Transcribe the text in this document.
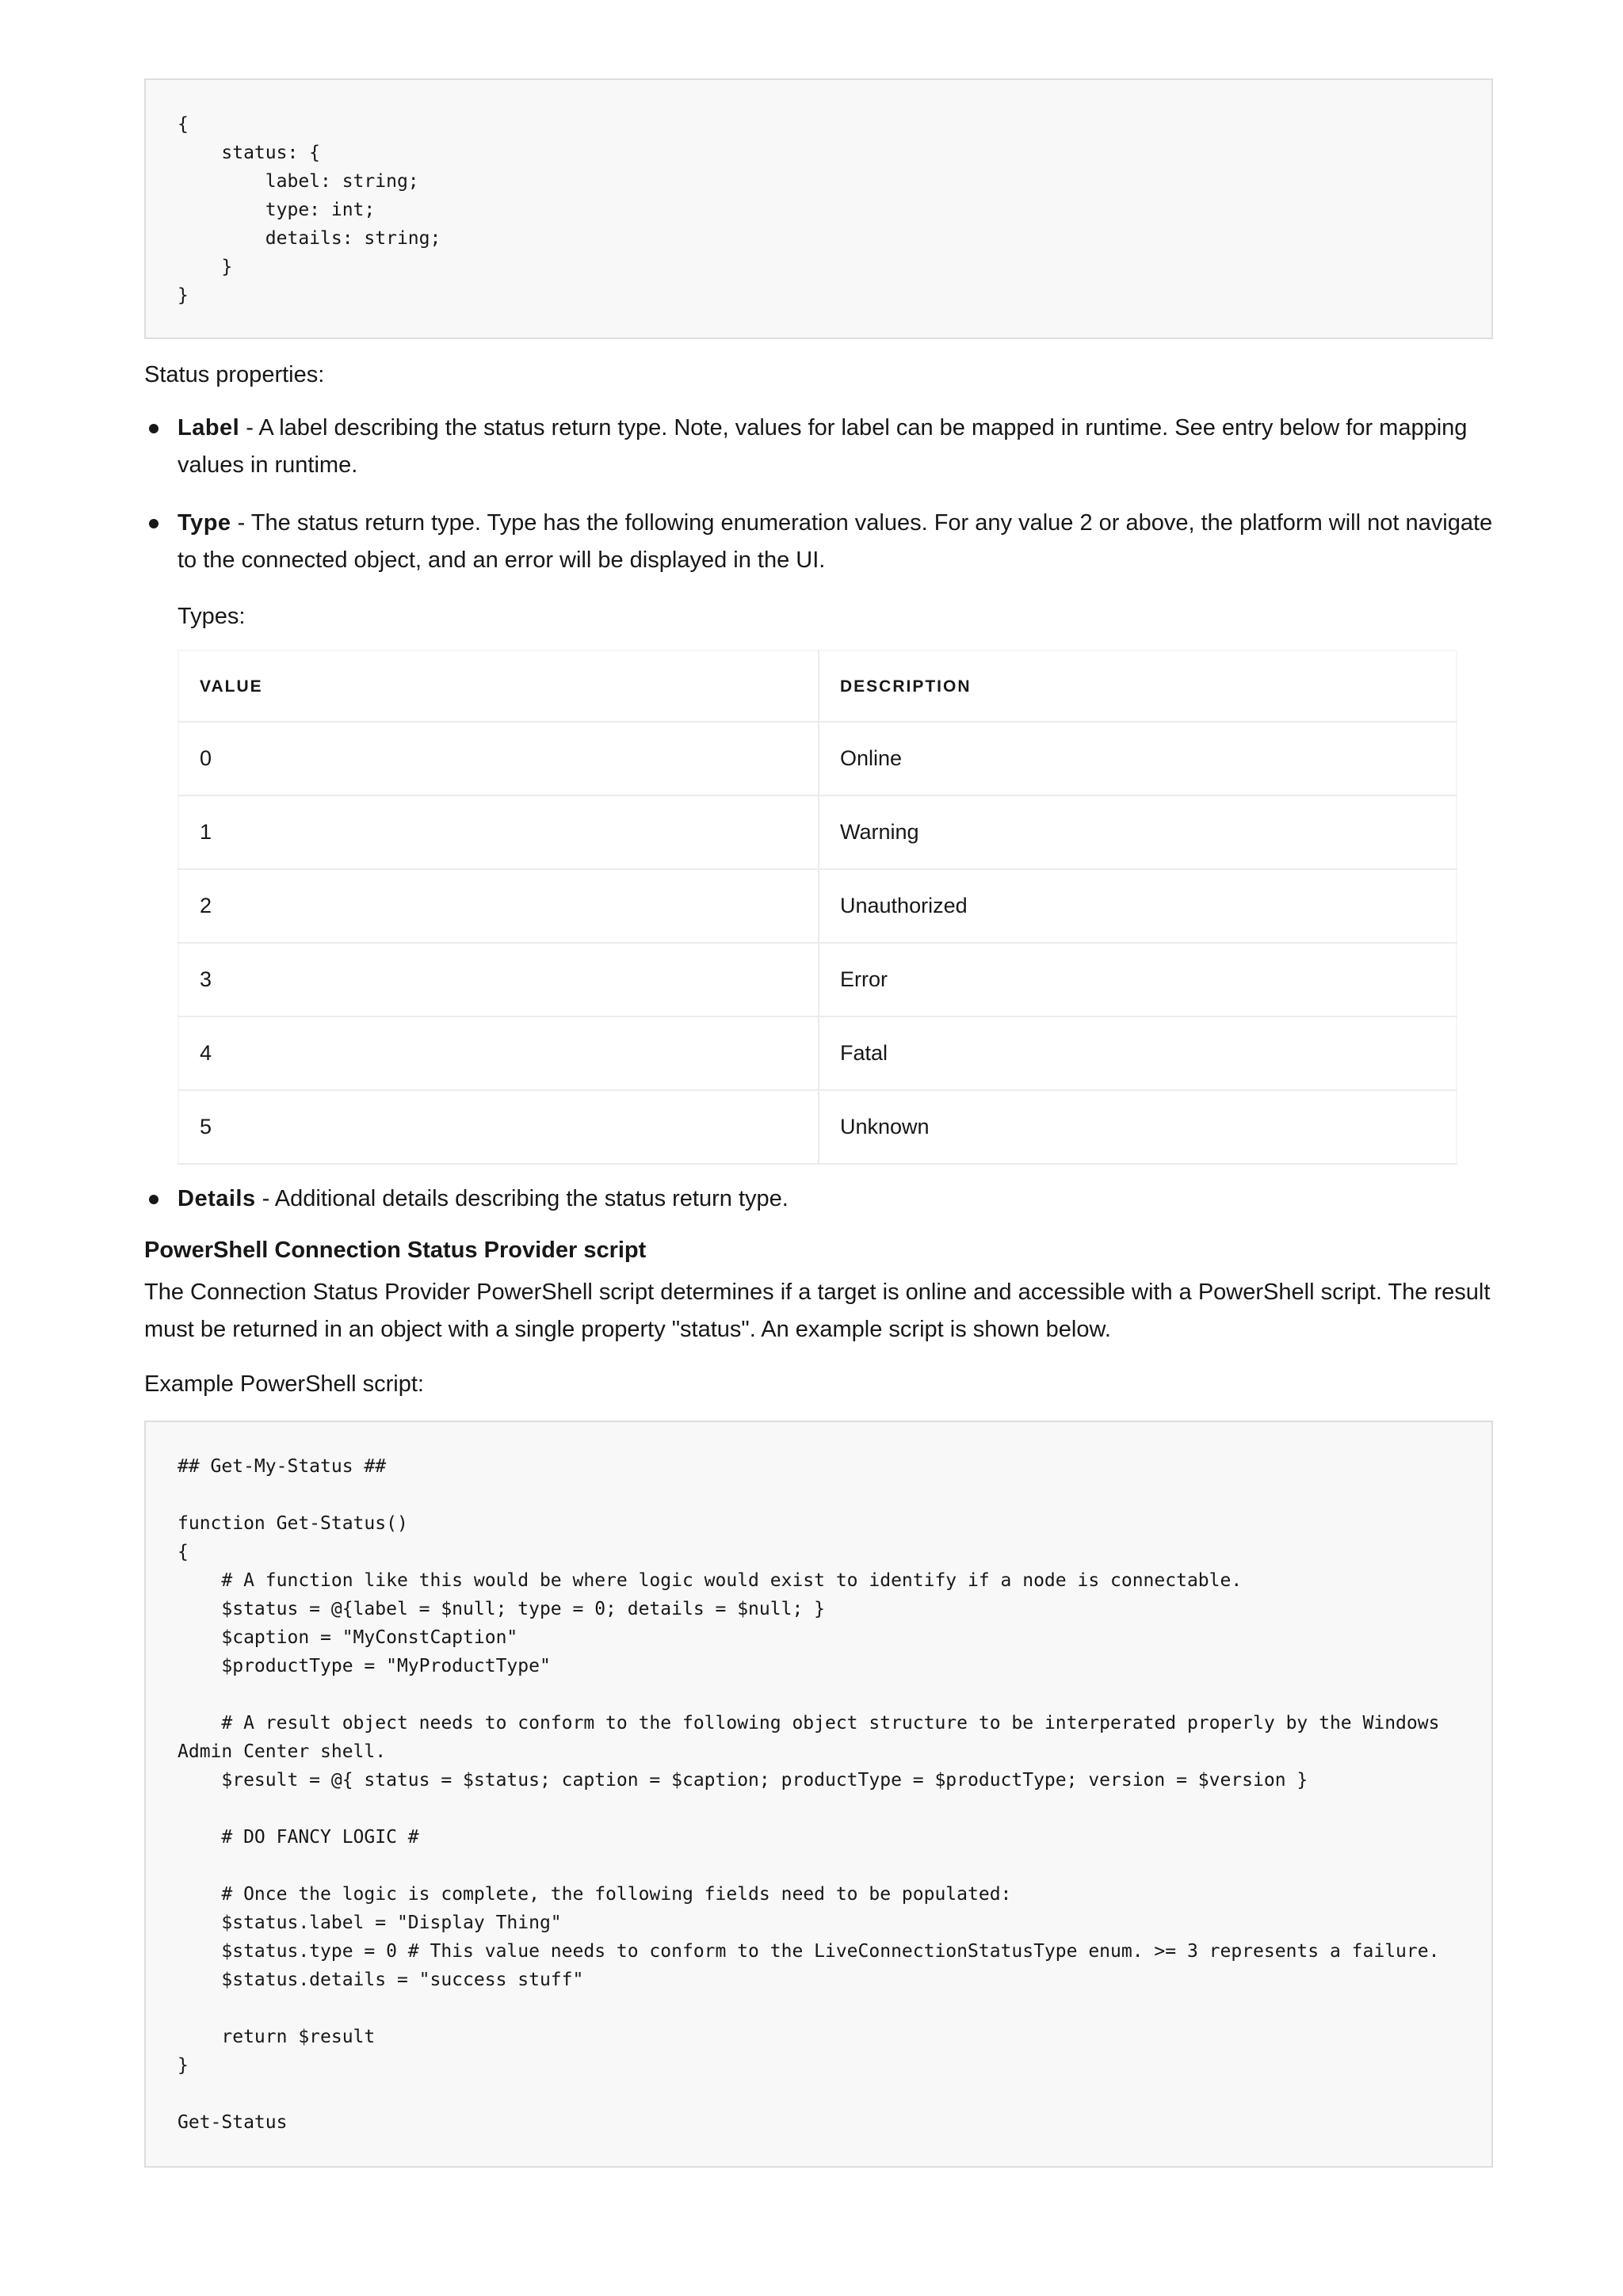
{
status: {
label: string;
type: int;
details: string;
}
}

Status properties:

Label - A label describing the status return type. Note, values for label can be mapped in runtime. See entry below for mapping values in runtime.
Type - The status return type. Type has the following enumeration values. For any value 2 or above, the platform will not navigate to the connected object, and an error will be displayed in the UI.

Types:

VALUE	DESCRIPTION
0	Online
1	Warning
2	Unauthorized
3	Error
4	Fatal
5	Unknown
Details - Additional details describing the status return type.
PowerShell Connection Status Provider script

The Connection Status Provider PowerShell script determines if a target is online and accessible with a PowerShell script. The result must be returned in an object with a single property "status". An example script is shown below.

Example PowerShell script:

## Get-My-Status ##

function Get-Status()
{
# A function like this would be where logic would exist to identify if a node is connectable.
$status = @{label = $null; type = 0; details = $null; }
$caption = "MyConstCaption"
$productType = "MyProductType"

# A result object needs to conform to the following object structure to be interperated properly by the Windows Admin Center shell.
$result = @{ status = $status; caption = $caption; productType = $productType; version = $version }

# DO FANCY LOGIC #

# Once the logic is complete, the following fields need to be populated:
$status.label = "Display Thing"
$status.type = 0 # This value needs to conform to the LiveConnectionStatusType enum. >= 3 represents a failure.
$status.details = "success stuff"

return $result
}

Get-Status
